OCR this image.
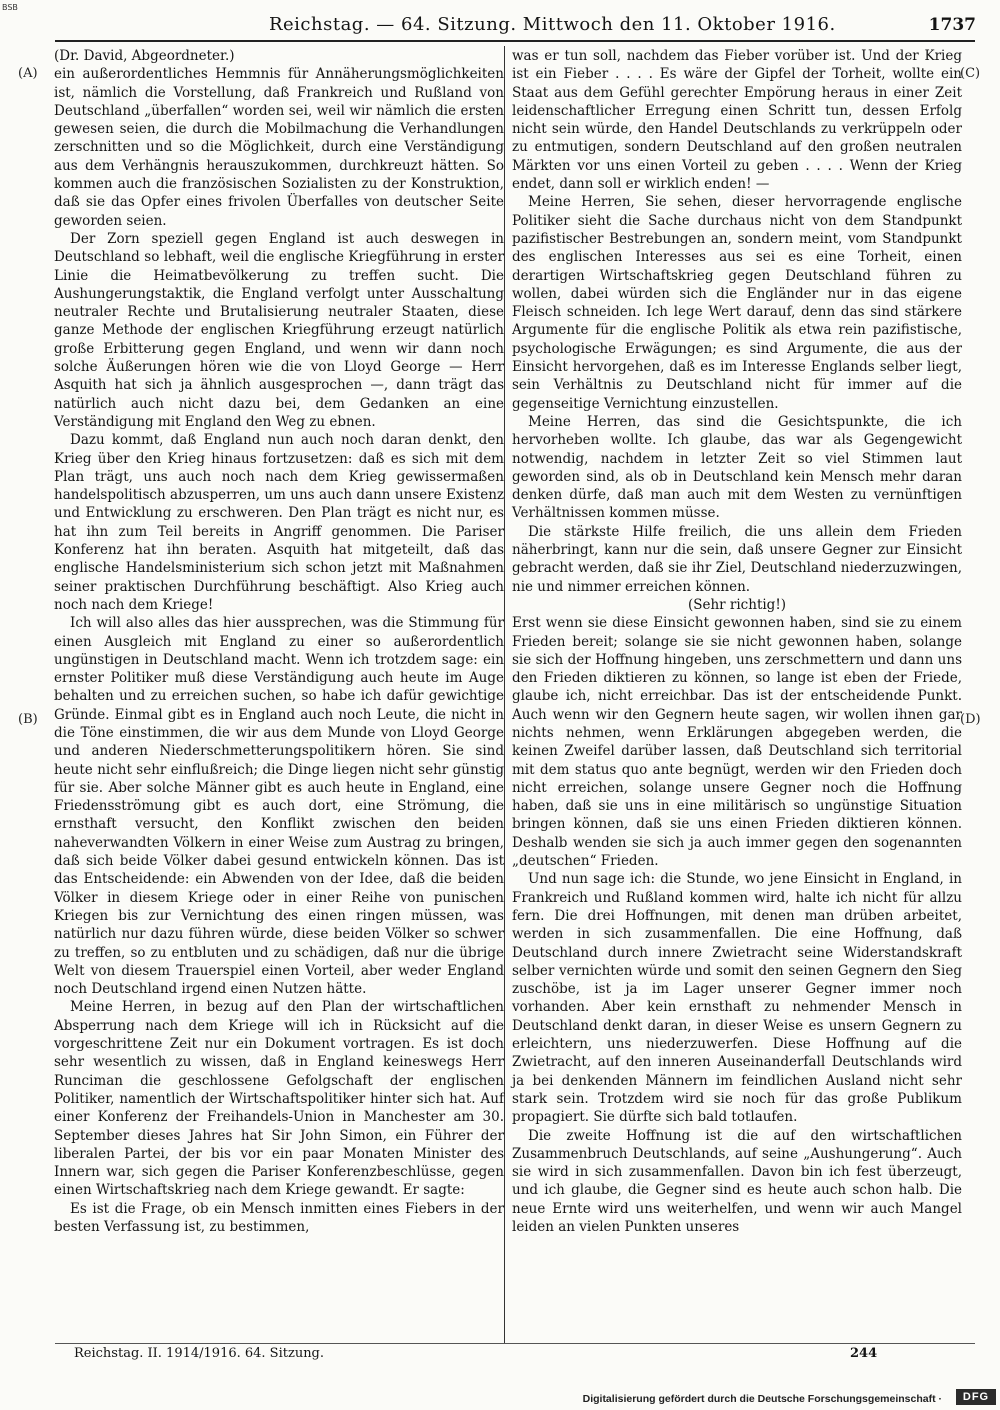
BSB
Reichstag. — 64. Sitzung. Mittwoch den 11. Oktober 1916.	1737
(A)
(B)
(C)
(D)

(Dr. David, Abgeordneter.)

ein außerordentliches Hemmnis für Annäherungsmöglichkeiten ist, nämlich die Vorstellung, daß Frankreich und Rußland von Deutschland „überfallen“ worden sei, weil wir nämlich die ersten gewesen seien, die durch die Mobilmachung die Verhandlungen zerschnitten und so die Möglichkeit, durch eine Verständigung aus dem Verhängnis herauszukommen, durchkreuzt hätten. So kommen auch die französischen Sozialisten zu der Konstruktion, daß sie das Opfer eines frivolen Überfalles von deutscher Seite geworden seien.

Der Zorn speziell gegen England ist auch deswegen in Deutschland so lebhaft, weil die englische Kriegführung in erster Linie die Heimatbevölkerung zu treffen sucht. Die Aushungerungstaktik, die England verfolgt unter Ausschaltung neutraler Rechte und Brutalisierung neutraler Staaten, diese ganze Methode der englischen Kriegführung erzeugt natürlich große Erbitterung gegen England, und wenn wir dann noch solche Äußerungen hören wie die von Lloyd George — Herr Asquith hat sich ja ähnlich ausgesprochen —, dann trägt das natürlich auch nicht dazu bei, dem Gedanken an eine Verständigung mit England den Weg zu ebnen.

Dazu kommt, daß England nun auch noch daran denkt, den Krieg über den Krieg hinaus fortzusetzen: daß es sich mit dem Plan trägt, uns auch noch nach dem Krieg gewissermaßen handelspolitisch abzusperren, um uns auch dann unsere Existenz und Entwicklung zu erschweren. Den Plan trägt es nicht nur, es hat ihn zum Teil bereits in Angriff genommen. Die Pariser Konferenz hat ihn beraten. Asquith hat mitgeteilt, daß das englische Handelsministerium sich schon jetzt mit Maßnahmen seiner praktischen Durchführung beschäftigt. Also Krieg auch noch nach dem Kriege!

Ich will also alles das hier aussprechen, was die Stimmung für einen Ausgleich mit England zu einer so außerordentlich ungünstigen in Deutschland macht. Wenn ich trotzdem sage: ein ernster Politiker muß diese Verständigung auch heute im Auge behalten und zu erreichen suchen, so habe ich dafür gewichtige Gründe. Einmal gibt es in England auch noch Leute, die nicht in die Töne einstimmen, die wir aus dem Munde von Lloyd George und anderen Niederschmetterungspolitikern hören. Sie sind heute nicht sehr einflußreich; die Dinge liegen nicht sehr günstig für sie. Aber solche Männer gibt es auch heute in England, eine Friedensströmung gibt es auch dort, eine Strömung, die ernsthaft versucht, den Konflikt zwischen den beiden naheverwandten Völkern in einer Weise zum Austrag zu bringen, daß sich beide Völker dabei gesund entwickeln können. Das ist das Entscheidende: ein Abwenden von der Idee, daß die beiden Völker in diesem Kriege oder in einer Reihe von punischen Kriegen bis zur Vernichtung des einen ringen müssen, was natürlich nur dazu führen würde, diese beiden Völker so schwer zu treffen, so zu entbluten und zu schädigen, daß nur die übrige Welt von diesem Trauerspiel einen Vorteil, aber weder England noch Deutschland irgend einen Nutzen hätte.

Meine Herren, in bezug auf den Plan der wirtschaftlichen Absperrung nach dem Kriege will ich in Rücksicht auf die vorgeschrittene Zeit nur ein Dokument vortragen. Es ist doch sehr wesentlich zu wissen, daß in England keineswegs Herr Runciman die geschlossene Gefolgschaft der englischen Politiker, namentlich der Wirtschaftspolitiker hinter sich hat. Auf einer Konferenz der Freihandels-Union in Manchester am 30. September dieses Jahres hat Sir John Simon, ein Führer der liberalen Partei, der bis vor ein paar Monaten Minister des Innern war, sich gegen die Pariser Konferenzbeschlüsse, gegen einen Wirtschaftskrieg nach dem Kriege gewandt. Er sagte:

Es ist die Frage, ob ein Mensch inmitten eines Fiebers in der besten Verfassung ist, zu bestimmen,

was er tun soll, nachdem das Fieber vorüber ist. Und der Krieg ist ein Fieber . . . . Es wäre der Gipfel der Torheit, wollte ein Staat aus dem Gefühl gerechter Empörung heraus in einer Zeit leidenschaftlicher Erregung einen Schritt tun, dessen Erfolg nicht sein würde, den Handel Deutschlands zu verkrüppeln oder zu entmutigen, sondern Deutschland auf den großen neutralen Märkten vor uns einen Vorteil zu geben . . . . Wenn der Krieg endet, dann soll er wirklich enden! —

Meine Herren, Sie sehen, dieser hervorragende englische Politiker sieht die Sache durchaus nicht von dem Standpunkt pazifistischer Bestrebungen an, sondern meint, vom Standpunkt des englischen Interesses aus sei es eine Torheit, einen derartigen Wirtschaftskrieg gegen Deutschland führen zu wollen, dabei würden sich die Engländer nur in das eigene Fleisch schneiden. Ich lege Wert darauf, denn das sind stärkere Argumente für die englische Politik als etwa rein pazifistische, psychologische Erwägungen; es sind Argumente, die aus der Einsicht hervorgehen, daß es im Interesse Englands selber liegt, sein Verhältnis zu Deutschland nicht für immer auf die gegenseitige Vernichtung einzustellen.

Meine Herren, das sind die Gesichtspunkte, die ich hervorheben wollte. Ich glaube, das war als Gegengewicht notwendig, nachdem in letzter Zeit so viel Stimmen laut geworden sind, als ob in Deutschland kein Mensch mehr daran denken dürfe, daß man auch mit dem Westen zu vernünftigen Verhältnissen kommen müsse.

Die stärkste Hilfe freilich, die uns allein dem Frieden näherbringt, kann nur die sein, daß unsere Gegner zur Einsicht gebracht werden, daß sie ihr Ziel, Deutschland niederzuzwingen, nie und nimmer erreichen können.

(Sehr richtig!)

Erst wenn sie diese Einsicht gewonnen haben, sind sie zu einem Frieden bereit; solange sie sie nicht gewonnen haben, solange sie sich der Hoffnung hingeben, uns zerschmettern und dann uns den Frieden diktieren zu können, so lange ist eben der Friede, glaube ich, nicht erreichbar. Das ist der entscheidende Punkt. Auch wenn wir den Gegnern heute sagen, wir wollen ihnen gar nichts nehmen, wenn Erklärungen abgegeben werden, die keinen Zweifel darüber lassen, daß Deutschland sich territorial mit dem status quo ante begnügt, werden wir den Frieden doch nicht erreichen, solange unsere Gegner noch die Hoffnung haben, daß sie uns in eine militärisch so ungünstige Situation bringen können, daß sie uns einen Frieden diktieren können. Deshalb wenden sie sich ja auch immer gegen den sogenannten „deutschen“ Frieden.

Und nun sage ich: die Stunde, wo jene Einsicht in England, in Frankreich und Rußland kommen wird, halte ich nicht für allzu fern. Die drei Hoffnungen, mit denen man drüben arbeitet, werden in sich zusammenfallen. Die eine Hoffnung, daß Deutschland durch innere Zwietracht seine Widerstandskraft selber vernichten würde und somit den seinen Gegnern den Sieg zuschöbe, ist ja im Lager unserer Gegner immer noch vorhanden. Aber kein ernsthaft zu nehmender Mensch in Deutschland denkt daran, in dieser Weise es unsern Gegnern zu erleichtern, uns niederzuwerfen. Diese Hoffnung auf die Zwietracht, auf den inneren Auseinanderfall Deutschlands wird ja bei denkenden Männern im feindlichen Ausland nicht sehr stark sein. Trotzdem wird sie noch für das große Publikum propagiert. Sie dürfte sich bald totlaufen.

Die zweite Hoffnung ist die auf den wirtschaftlichen Zusammenbruch Deutschlands, auf seine „Aushungerung“. Auch sie wird in sich zusammenfallen. Davon bin ich fest überzeugt, und ich glaube, die Gegner sind es heute auch schon halb. Die neue Ernte wird uns weiterhelfen, und wenn wir auch Mangel leiden an vielen Punkten unseres

Reichstag. II. 1914/1916. 64. Sitzung.	244
Digitalisierung gefördert durch die Deutsche Forschungsgemeinschaft ·	DFG
